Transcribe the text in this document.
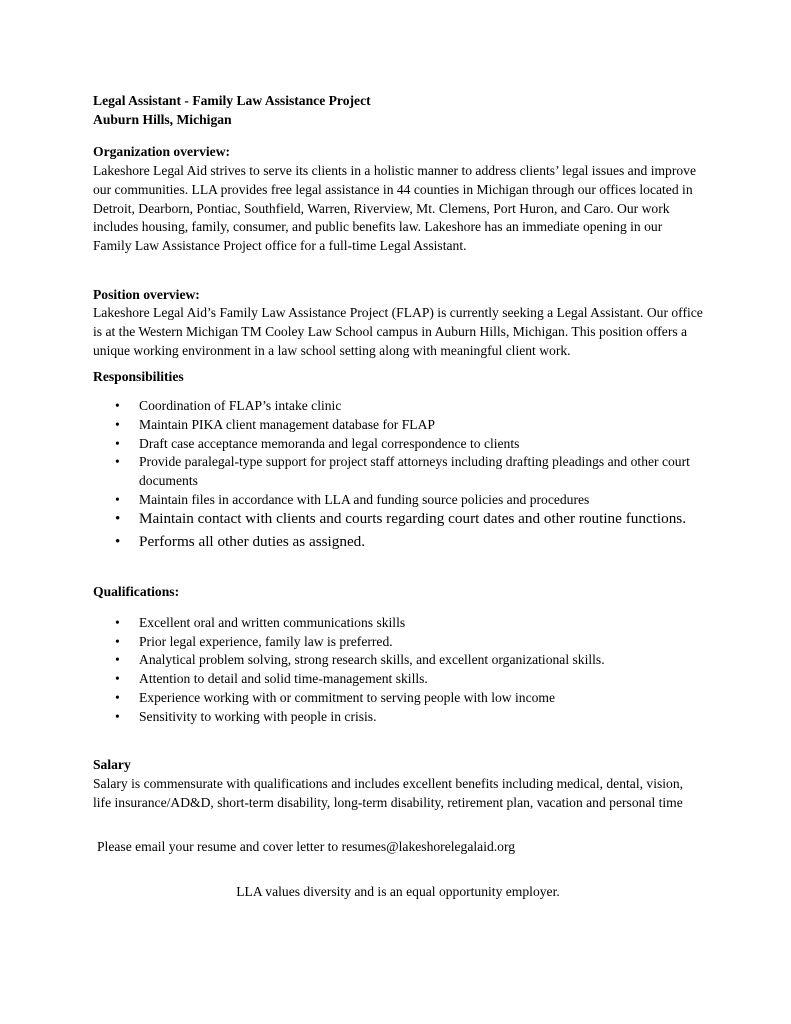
Legal Assistant - Family Law Assistance Project
Auburn Hills, Michigan
Organization overview:

Lakeshore Legal Aid strives to serve its clients in a holistic manner to address clients’ legal issues and improve our communities. LLA provides free legal assistance in 44 counties in Michigan through our offices located in Detroit, Dearborn, Pontiac, Southfield, Warren, Riverview, Mt. Clemens, Port Huron, and Caro. Our work includes housing, family, consumer, and public benefits law. Lakeshore has an immediate opening in our Family Law Assistance Project office for a full-time Legal Assistant.

Position overview:

Lakeshore Legal Aid’s Family Law Assistance Project (FLAP) is currently seeking a Legal Assistant. Our office is at the Western Michigan TM Cooley Law School campus in Auburn Hills, Michigan. This position offers a unique working environment in a law school setting along with meaningful client work.

Responsibilities
• Coordination of FLAP’s intake clinic
• Maintain PIKA client management database for FLAP
• Draft case acceptance memoranda and legal correspondence to clients
• Provide paralegal-type support for project staff attorneys including drafting pleadings and other court documents
• Maintain files in accordance with LLA and funding source policies and procedures
• Maintain contact with clients and courts regarding court dates and other routine functions.
• Performs all other duties as assigned.
Qualifications:
• Excellent oral and written communications skills
• Prior legal experience, family law is preferred.
• Analytical problem solving, strong research skills, and excellent organizational skills.
• Attention to detail and solid time-management skills.
• Experience working with or commitment to serving people with low income
• Sensitivity to working with people in crisis.
Salary

Salary is commensurate with qualifications and includes excellent benefits including medical, dental, vision, life insurance/AD&D, short-term disability, long-term disability, retirement plan, vacation and personal time

Please email your resume and cover letter to resumes@lakeshorelegalaid.org
LLA values diversity and is an equal opportunity employer.
